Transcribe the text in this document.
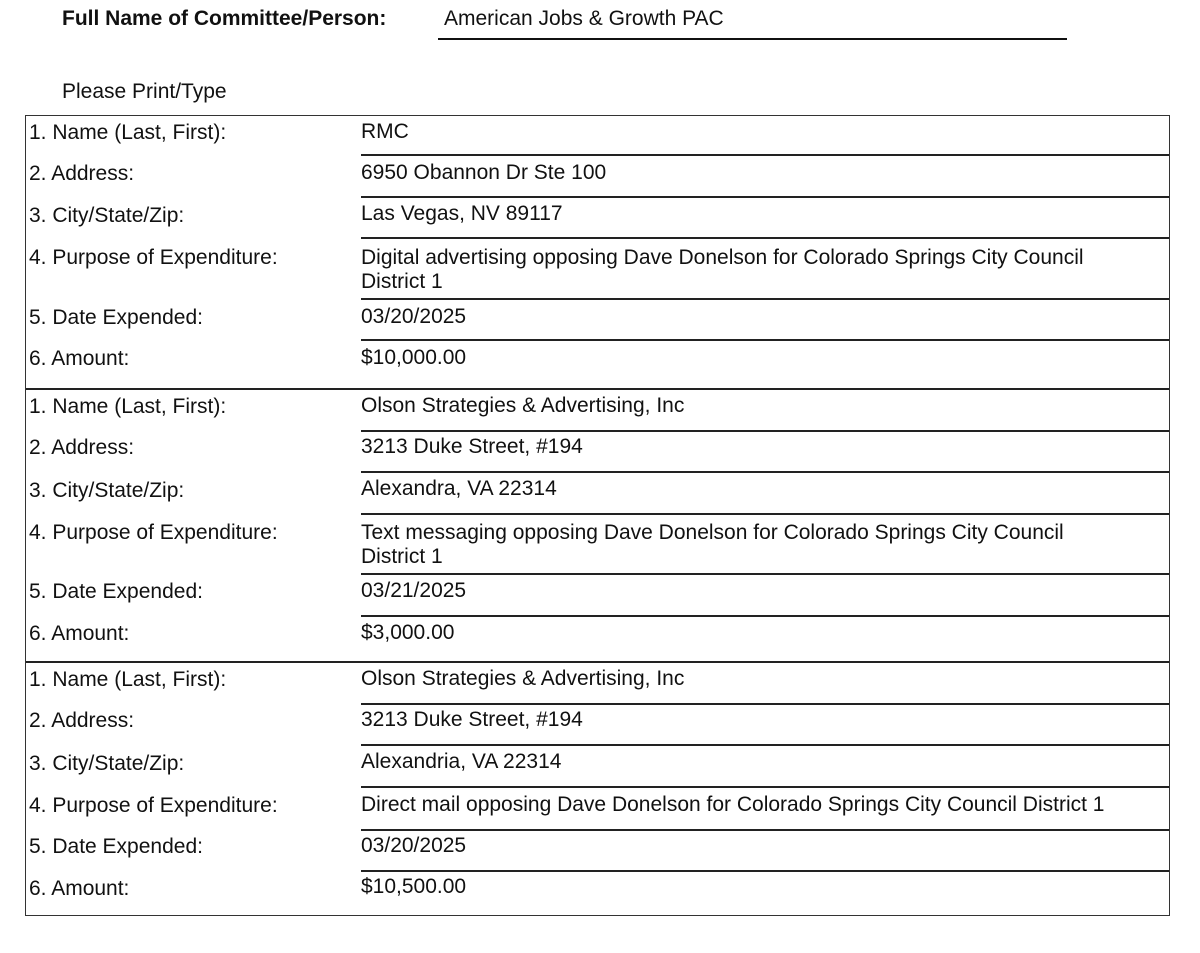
Full Name of Committee/Person:	American Jobs & Growth PAC
Please Print/Type
1. Name (Last, First):	RMC
2. Address:	6950 Obannon Dr Ste 100
3. City/State/Zip:	Las Vegas, NV 89117
4. Purpose of Expenditure:	Digital advertising opposing Dave Donelson for Colorado Springs City Council
District 1
5. Date Expended:	03/20/2025
6. Amount:	$10,000.00
1. Name (Last, First):	Olson Strategies & Advertising, Inc
2. Address:	3213 Duke Street, #194
3. City/State/Zip:	Alexandra, VA 22314
4. Purpose of Expenditure:	Text messaging opposing Dave Donelson for Colorado Springs City Council
District 1
5. Date Expended:	03/21/2025
6. Amount:	$3,000.00
1. Name (Last, First):	Olson Strategies & Advertising, Inc
2. Address:	3213 Duke Street, #194
3. City/State/Zip:	Alexandria, VA 22314
4. Purpose of Expenditure:	Direct mail opposing Dave Donelson for Colorado Springs City Council District 1
5. Date Expended:	03/20/2025
6. Amount:	$10,500.00
